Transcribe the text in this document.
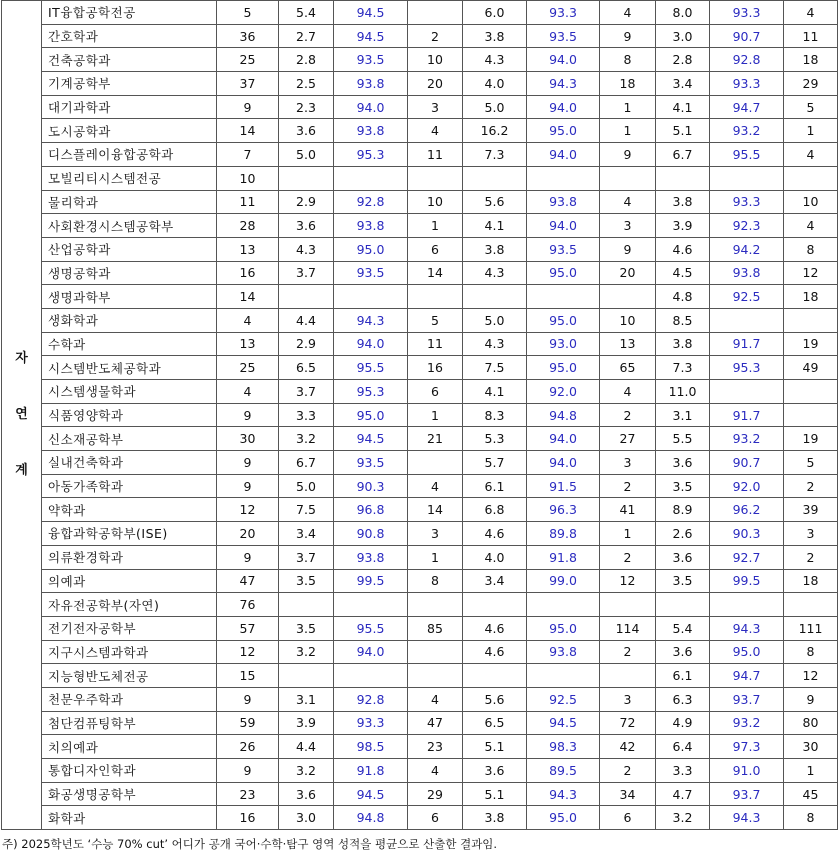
자
연
계	IT융합공학전공	5	5.4	94.5		6.0	93.3	4	8.0	93.3	4
	간호학과	36	2.7	94.5	2	3.8	93.5	9	3.0	90.7	11
	건축공학과	25	2.8	93.5	10	4.3	94.0	8	2.8	92.8	18
	기계공학부	37	2.5	93.8	20	4.0	94.3	18	3.4	93.3	29
	대기과학과	9	2.3	94.0	3	5.0	94.0	1	4.1	94.7	5
	도시공학과	14	3.6	93.8	4	16.2	95.0	1	5.1	93.2	1
	디스플레이융합공학과	7	5.0	95.3	11	7.3	94.0	9	6.7	95.5	4
	모빌리티시스템전공	10									
	물리학과	11	2.9	92.8	10	5.6	93.8	4	3.8	93.3	10
	사회환경시스템공학부	28	3.6	93.8	1	4.1	94.0	3	3.9	92.3	4
	산업공학과	13	4.3	95.0	6	3.8	93.5	9	4.6	94.2	8
	생명공학과	16	3.7	93.5	14	4.3	95.0	20	4.5	93.8	12
	생명과학부	14							4.8	92.5	18
	생화학과	4	4.4	94.3	5	5.0	95.0	10	8.5		
	수학과	13	2.9	94.0	11	4.3	93.0	13	3.8	91.7	19
	시스템반도체공학과	25	6.5	95.5	16	7.5	95.0	65	7.3	95.3	49
	시스템생물학과	4	3.7	95.3	6	4.1	92.0	4	11.0		
	식품영양학과	9	3.3	95.0	1	8.3	94.8	2	3.1	91.7	
	신소재공학부	30	3.2	94.5	21	5.3	94.0	27	5.5	93.2	19
	실내건축학과	9	6.7	93.5		5.7	94.0	3	3.6	90.7	5
	아동가족학과	9	5.0	90.3	4	6.1	91.5	2	3.5	92.0	2
	약학과	12	7.5	96.8	14	6.8	96.3	41	8.9	96.2	39
	융합과학공학부(ISE)	20	3.4	90.8	3	4.6	89.8	1	2.6	90.3	3
	의류환경학과	9	3.7	93.8	1	4.0	91.8	2	3.6	92.7	2
	의예과	47	3.5	99.5	8	3.4	99.0	12	3.5	99.5	18
	자유전공학부(자연)	76									
	전기전자공학부	57	3.5	95.5	85	4.6	95.0	114	5.4	94.3	111
	지구시스템과학과	12	3.2	94.0		4.6	93.8	2	3.6	95.0	8
	지능형반도체전공	15							6.1	94.7	12
	천문우주학과	9	3.1	92.8	4	5.6	92.5	3	6.3	93.7	9
	첨단컴퓨팅학부	59	3.9	93.3	47	6.5	94.5	72	4.9	93.2	80
	치의예과	26	4.4	98.5	23	5.1	98.3	42	6.4	97.3	30
	통합디자인학과	9	3.2	91.8	4	3.6	89.5	2	3.3	91.0	1
	화공생명공학부	23	3.6	94.5	29	5.1	94.3	34	4.7	93.7	45
	화학과	16	3.0	94.8	6	3.8	95.0	6	3.2	94.3	8
주) 2025학년도 ‘수능 70% cut’ 어디가 공개 국어·수학·탐구 영역 성적을 평균으로 산출한 결과임.
